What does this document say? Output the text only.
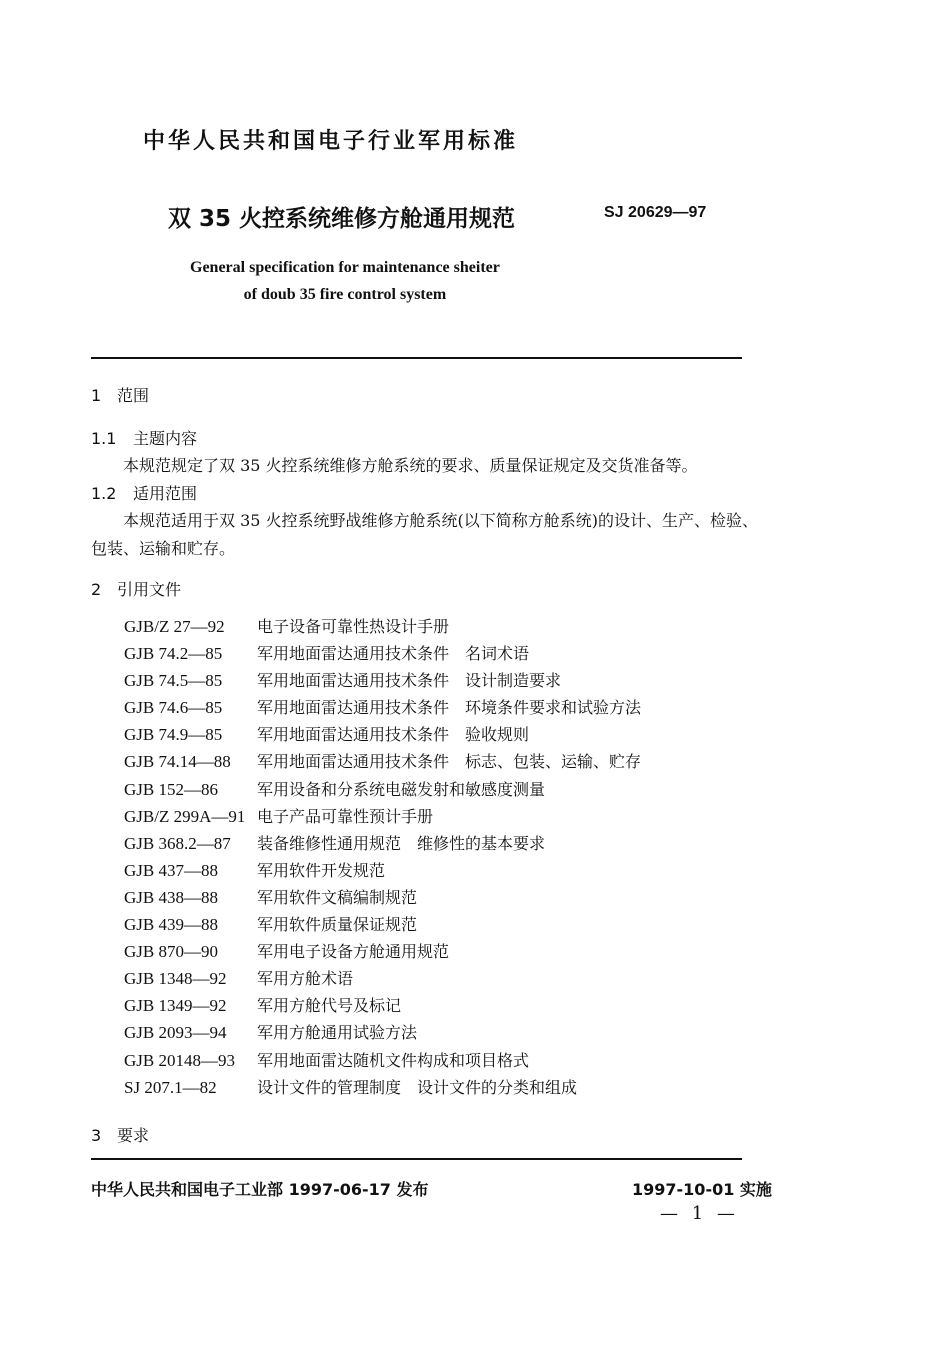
中华人民共和国电子行业军用标准
双 35 火控系统维修方舱通用规范	SJ 20629—97
General specification for maintenance sheiter
of doub 35 fire control system
1 范围
1.1 主题内容
本规范规定了双 35 火控系统维修方舱系统的要求、质量保证规定及交货准备等。
1.2 适用范围
本规范适用于双 35 火控系统野战维修方舱系统(以下简称方舱系统)的设计、生产、检验、
包装、运输和贮存。
2 引用文件
GJB/Z 27—92	电子设备可靠性热设计手册
GJB 74.2—85	军用地面雷达通用技术条件　名词术语
GJB 74.5—85	军用地面雷达通用技术条件　设计制造要求
GJB 74.6—85	军用地面雷达通用技术条件　环境条件要求和试验方法
GJB 74.9—85	军用地面雷达通用技术条件　验收规则
GJB 74.14—88	军用地面雷达通用技术条件　标志、包装、运输、贮存
GJB 152—86	军用设备和分系统电磁发射和敏感度测量
GJB/Z 299A—91 电子产品可靠性预计手册
GJB 368.2—87	装备维修性通用规范　维修性的基本要求
GJB 437—88	军用软件开发规范
GJB 438—88	军用软件文稿编制规范
GJB 439—88	军用软件质量保证规范
GJB 870—90	军用电子设备方舱通用规范
GJB 1348—92	军用方舱术语
GJB 1349—92	军用方舱代号及标记
GJB 2093—94	军用方舱通用试验方法
GJB 20148—93	军用地面雷达随机文件构成和项目格式
SJ 207.1—82	设计文件的管理制度　设计文件的分类和组成
3 要求
中华人民共和国电子工业部 1997-06-17 发布	1997-10-01 实施
— 1 —
